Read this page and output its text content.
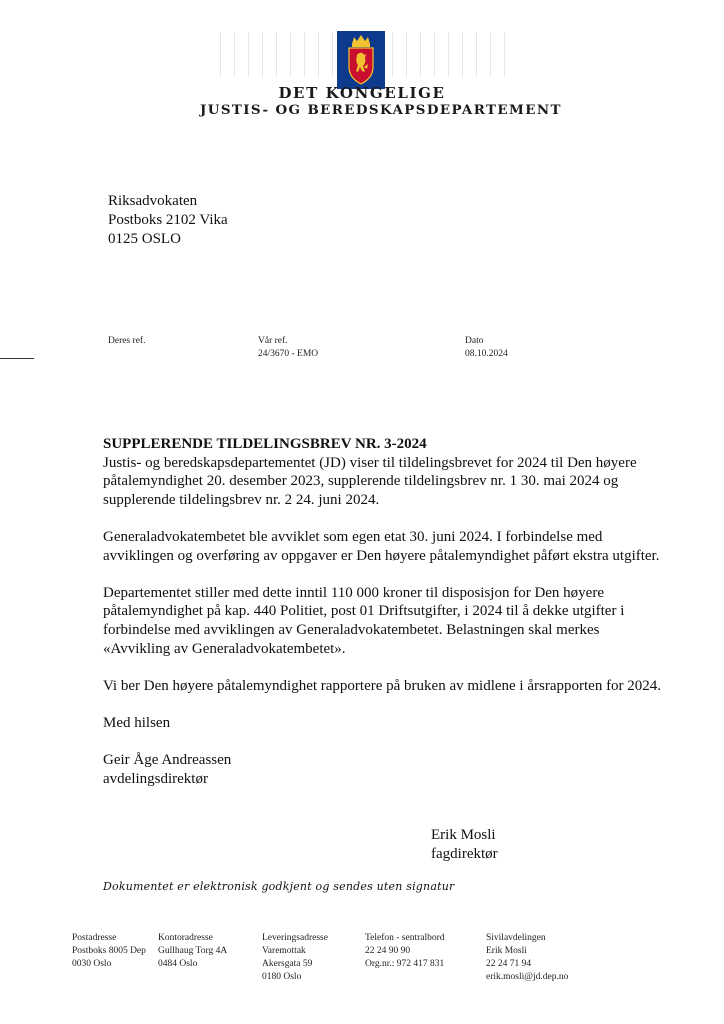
DET KONGELIGE
JUSTIS- OG BEREDSKAPSDEPARTEMENT
Riksadvokaten
Postboks 2102 Vika
0125 OSLO
Deres ref.	Vår ref.
24/3670 - EMO
Dato
08.10.2024
SUPPLERENDE TILDELINGSBREV NR. 3-2024

Justis- og beredskapsdepartementet (JD) viser til tildelingsbrevet for 2024 til Den høyere påtalemyndighet 20. desember 2023, supplerende tildelingsbrev nr. 1 30. mai 2024 og supplerende tildelingsbrev nr. 2 24. juni 2024.

Generaladvokatembetet ble avviklet som egen etat 30. juni 2024. I forbindelse med avviklingen og overføring av oppgaver er Den høyere påtalemyndighet påført ekstra utgifter.

Departementet stiller med dette inntil 110 000 kroner til disposisjon for Den høyere påtalemyndighet på kap. 440 Politiet, post 01 Driftsutgifter, i 2024 til å dekke utgifter i forbindelse med avviklingen av Generaladvokatembetet. Belastningen skal merkes «Avvikling av Generaladvokatembetet».

Vi ber Den høyere påtalemyndighet rapportere på bruken av midlene i årsrapporten for 2024.

Med hilsen

Geir Åge Andreassen
avdelingsdirektør
Erik Mosli
fagdirektør
Dokumentet er elektronisk godkjent og sendes uten signatur
Postadresse
Postboks 8005 Dep
0030 Oslo
Kontoradresse
Gullhaug Torg 4A
0484 Oslo
Leveringsadresse
Varemottak
Akersgata 59
0180 Oslo
Telefon - sentralbord
22 24 90 90
Org.nr.: 972 417 831
Sivilavdelingen
Erik Mosli
22 24 71 94
erik.mosli@jd.dep.no
